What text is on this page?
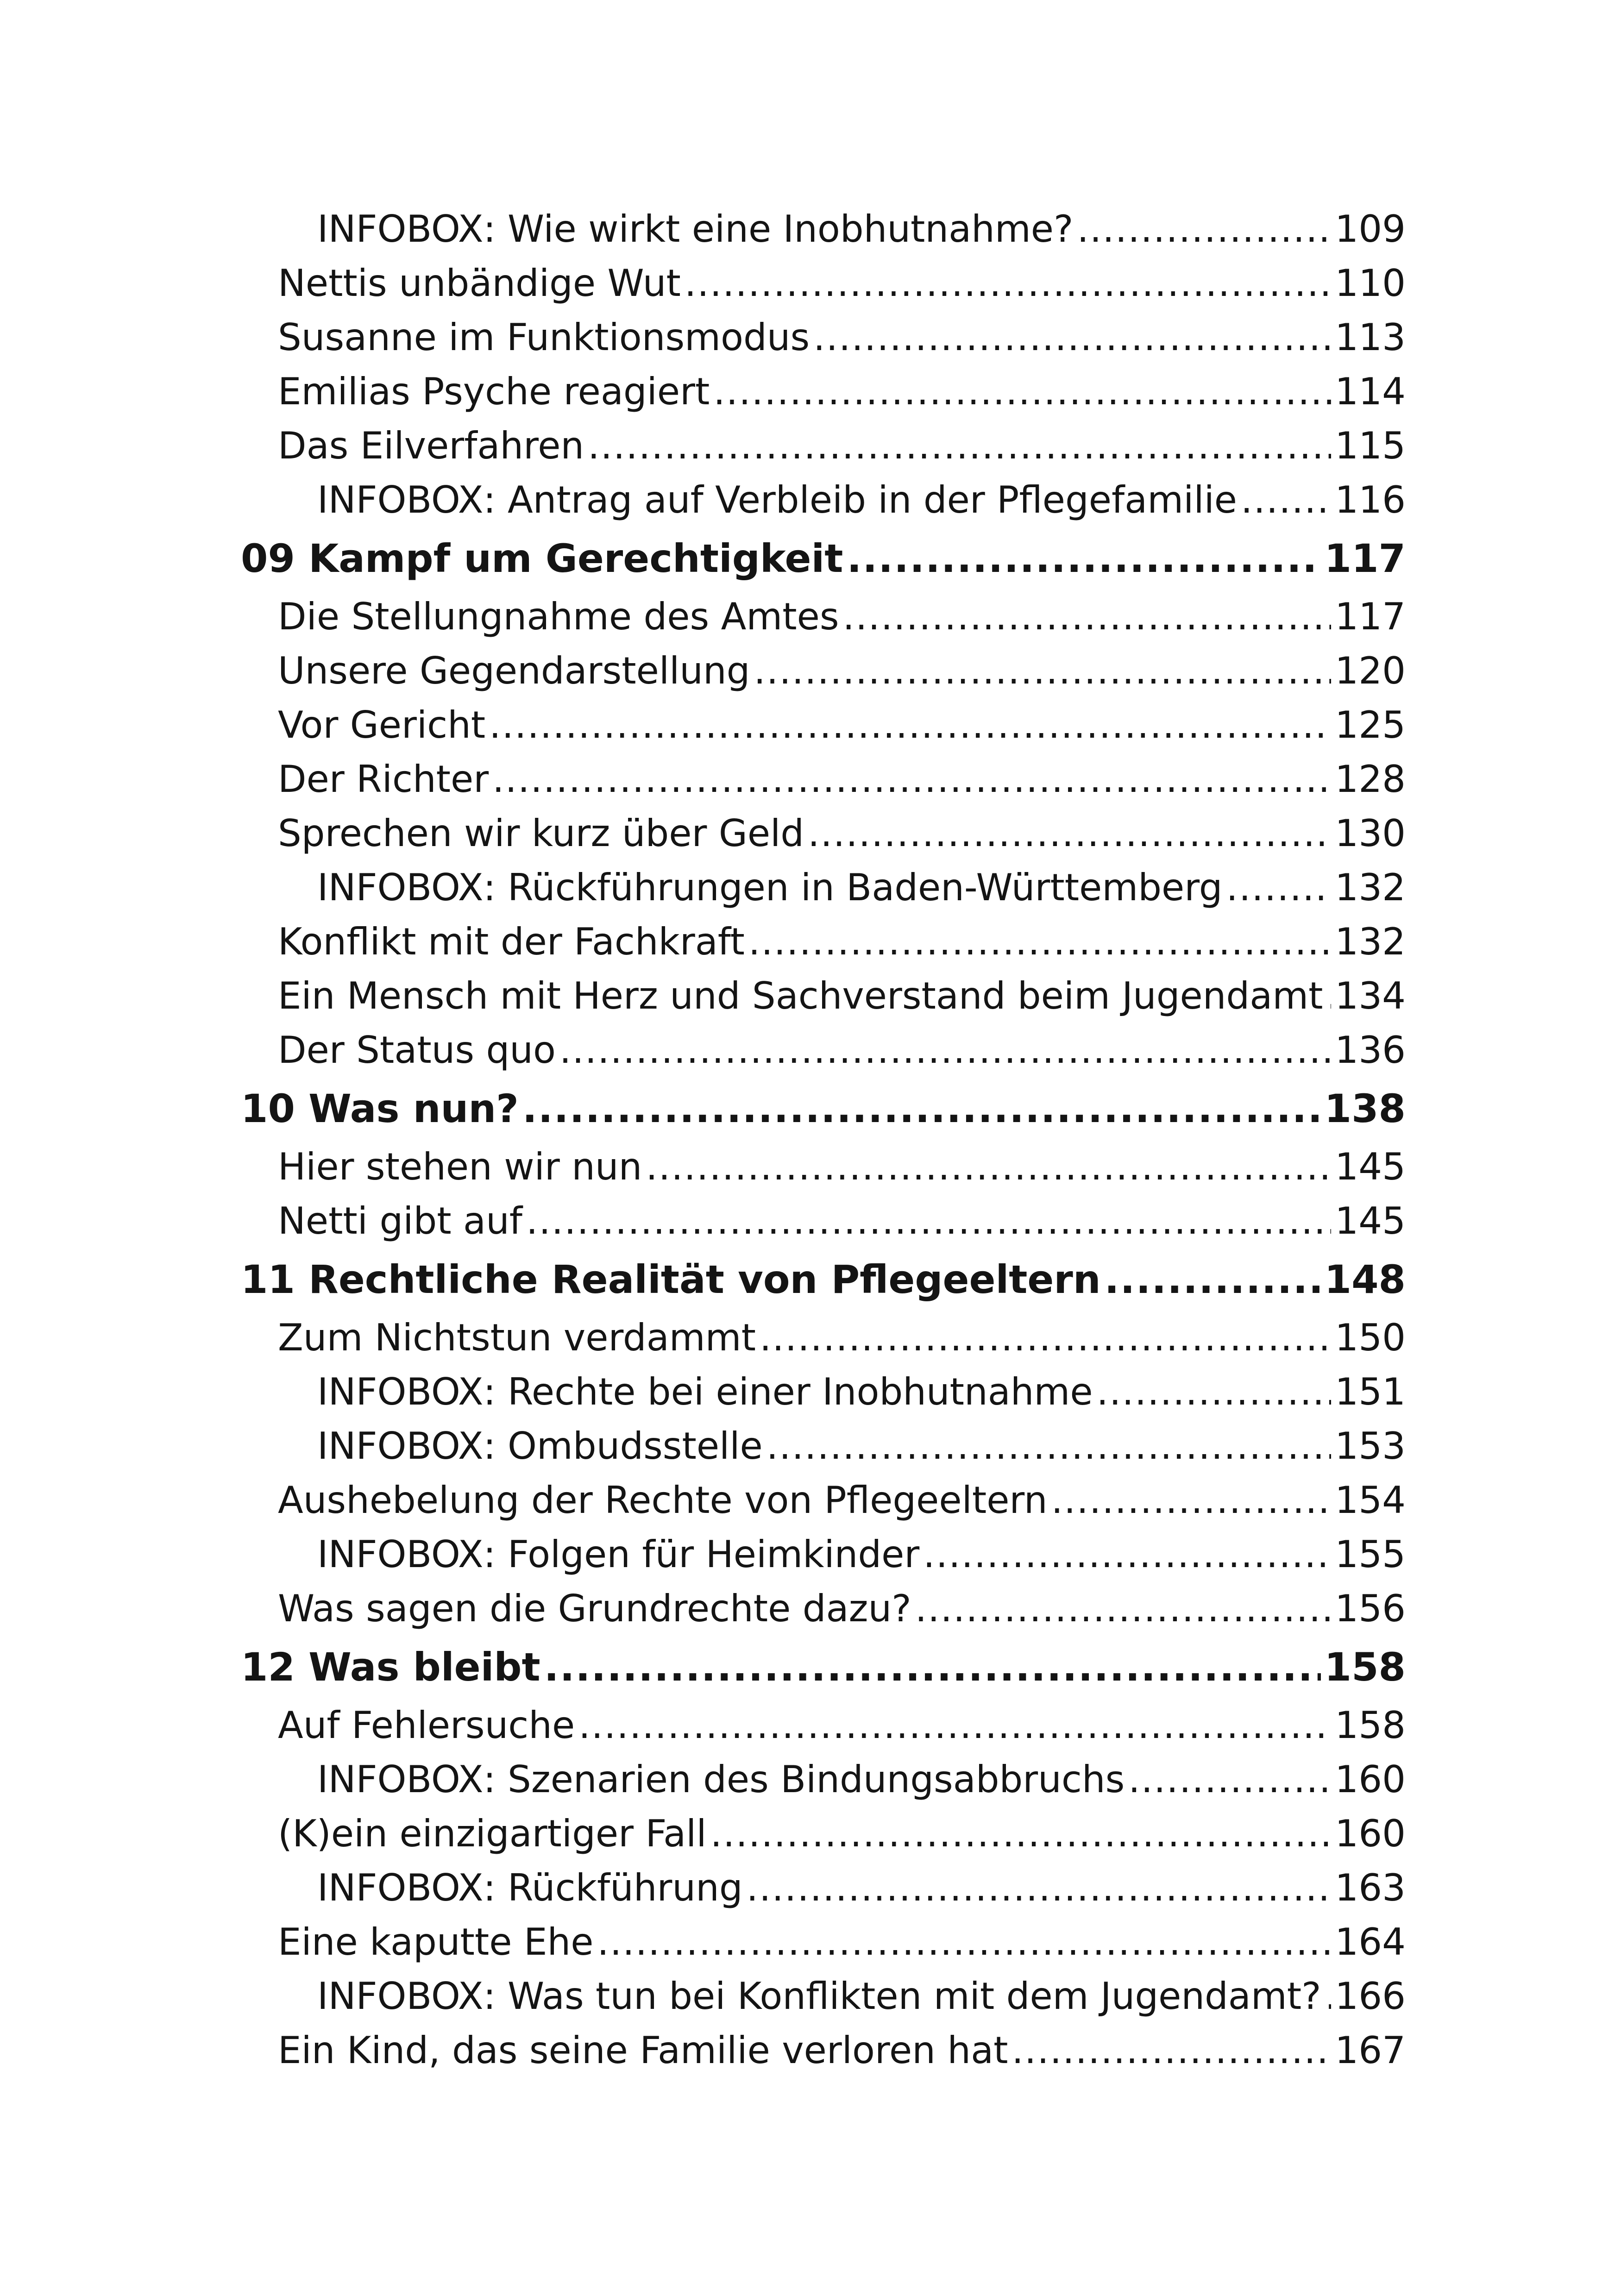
INFOBOX: Wie wirkt eine Inobhutnahme? .....	109
Nettis unbändige Wut .....	110
Susanne im Funktionsmodus .....	113
Emilias Psyche reagiert .....	114
Das Eilverfahren .....	115
INFOBOX: Antrag auf Verbleib in der Pflegefamilie .....	116
09 Kampf um Gerechtigkeit .....	117
Die Stellungnahme des Amtes .....	117
Unsere Gegendarstellung .....	120
Vor Gericht .....	125
Der Richter .....	128
Sprechen wir kurz über Geld .....	130
INFOBOX: Rückführungen in Baden-Württemberg .....	132
Konflikt mit der Fachkraft .....	132
Ein Mensch mit Herz und Sachverstand beim Jugendamt ..... 134
Der Status quo .....	136
10 Was nun? .....	138
Hier stehen wir nun .....	145
Netti gibt auf .....	145
11 Rechtliche Realität von Pflegeeltern .....	148
Zum Nichtstun verdammt .....	150
INFOBOX: Rechte bei einer Inobhutnahme .....	151
INFOBOX: Ombudsstelle .....	153
Aushebelung der Rechte von Pflegeeltern .....	154
INFOBOX: Folgen für Heimkinder .....	155
Was sagen die Grundrechte dazu? .....	156
12 Was bleibt .....	158
Auf Fehlersuche .....	158
INFOBOX: Szenarien des Bindungsabbruchs .....	160
(K)ein einzigartiger Fall .....	160
INFOBOX: Rückführung .....	163
Eine kaputte Ehe .....	164
INFOBOX: Was tun bei Konflikten mit dem Jugendamt? ..... 166
Ein Kind, das seine Familie verloren hat .....	167
